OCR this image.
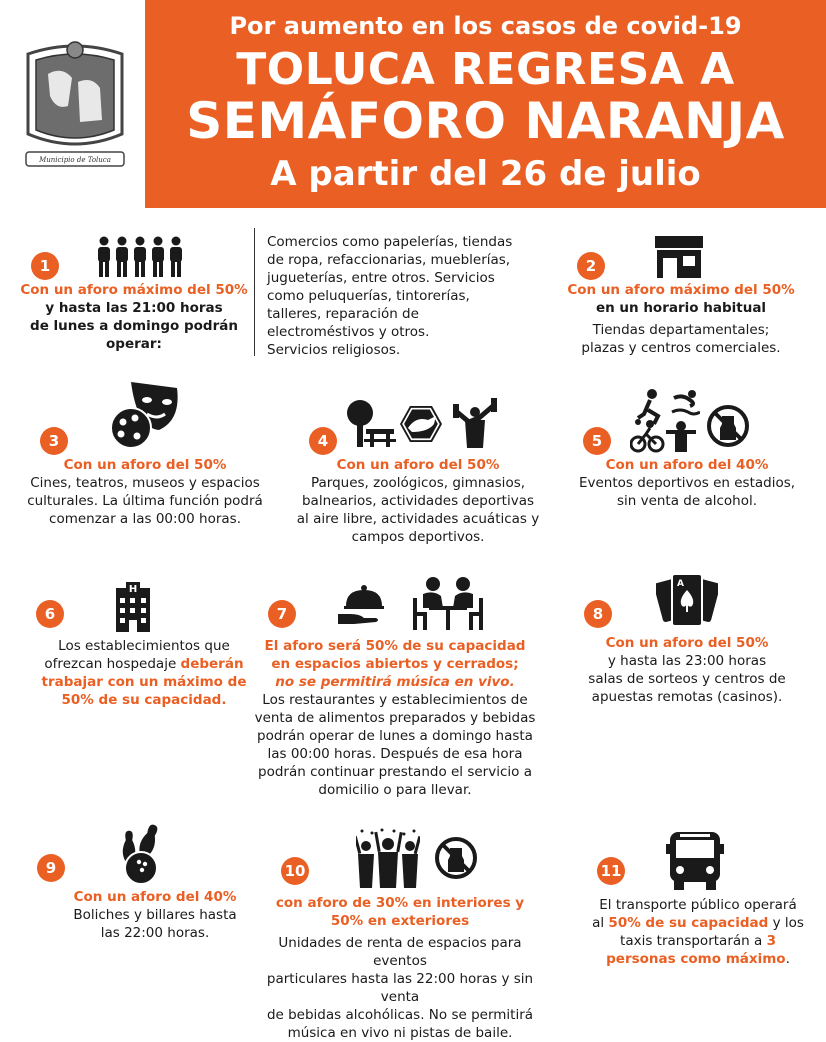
Por aumento en los casos de covid-19
TOLUCA REGRESA A
SEMÁFORO NARANJA
A partir del 26 de julio
Municipio de Toluca
1
Con un aforo máximo del 50%
y hasta las 21:00 horas
de lunes a domingo podrán
operar:
Comercios como papelerías, tiendas
de ropa, refaccionarias, mueblerías,
jugueterías, entre otros. Servicios
como peluquerías, tintorerías,
talleres, reparación de
electroméstivos y otros.
Servicios religiosos.
2
Con un aforo máximo del 50%
en un horario habitual
Tiendas departamentales;
plazas y centros comerciales.
3
Con un aforo del 50%
Cines, teatros, museos y espacios
culturales. La última función podrá
comenzar a las 00:00 horas.
4
Con un aforo del 50%
Parques, zoológicos, gimnasios,
balnearios, actividades deportivas
al aire libre, actividades acuáticas y
campos deportivos.
5
Con un aforo del 40%
Eventos deportivos en estadios,
sin venta de alcohol.
6
H
Los establecimientos que
ofrezcan hospedaje deberán
trabajar con un máximo de
50% de su capacidad.
7
El aforo será 50% de su capacidad
en espacios abiertos y cerrados;
no se permitirá música en vivo.
Los restaurantes y establecimientos de
venta de alimentos preparados y bebidas
podrán operar de lunes a domingo hasta
las 00:00 horas. Después de esa hora
podrán continuar prestando el servicio a
domicilio o para llevar.
8
A
Con un aforo del 50%
y hasta las 23:00 horas
salas de sorteos y centros de
apuestas remotas (casinos).
9
Con un aforo del 40%
Boliches y billares hasta
las 22:00 horas.
10
con aforo de 30% en interiores y
50% en exteriores
Unidades de renta de espacios para eventos
particulares hasta las 22:00 horas y sin venta
de bebidas alcohólicas. No se permitirá
música en vivo ni pistas de baile.
11
El transporte público operará
al 50% de su capacidad y los
taxis transportarán a 3
personas como máximo.
